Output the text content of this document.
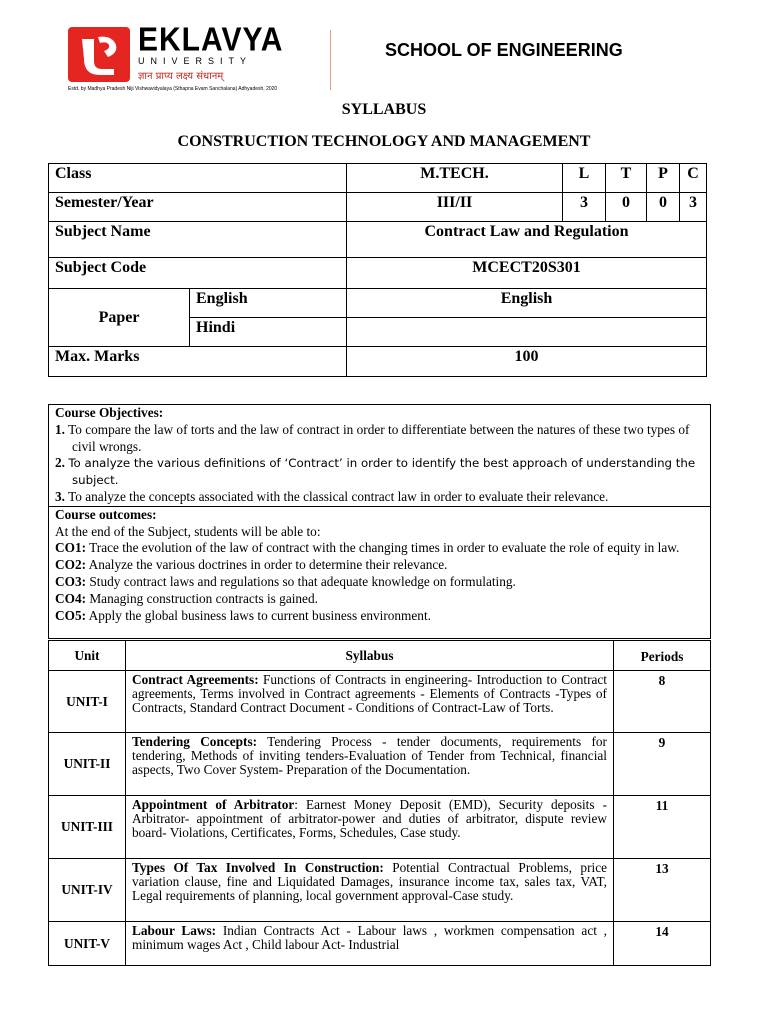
EKLAVYA
UNIVERSITY
ज्ञान प्राप्य लक्ष्य संधानम्
Estd. by Madhya Pradesh Niji Vishwavidyalaya (Sthapna Evam Sanchalana) Adhyadesh, 2020
SCHOOL OF ENGINEERING
SYLLABUS
CONSTRUCTION TECHNOLOGY AND MANAGEMENT
Class		M.TECH.	L	T	P	C
Semester/Year		III/II	3	0	0	3
Subject Name		Contract Law and Regulation				
Subject Code		MCECT20S301				
Paper	English	English				
	Hindi					
Max. Marks		100				
Course Objectives:
1. To compare the law of torts and the law of contract in order to differentiate between the natures of these two types of civil wrongs.
2. To analyze the various definitions of ‘Contract’ in order to identify the best approach of understanding the subject.
3. To analyze the concepts associated with the classical contract law in order to evaluate their relevance.
Course outcomes:
At the end of the Subject, students will be able to:
CO1: Trace the evolution of the law of contract with the changing times in order to evaluate the role of equity in law.
CO2: Analyze the various doctrines in order to determine their relevance.
CO3: Study contract laws and regulations so that adequate knowledge on formulating.
CO4: Managing construction contracts is gained.
CO5: Apply the global business laws to current business environment.
Unit	Syllabus	Periods
UNIT-I	Contract Agreements: Functions of Contracts in engineering- Introduction to Contract agreements, Terms involved in Contract agreements - Elements of Contracts -Types of Contracts, Standard Contract Document - Conditions of Contract-Law of Torts.	8
UNIT-II	Tendering Concepts: Tendering Process - tender documents, requirements for tendering, Methods of inviting tenders-Evaluation of Tender from Technical, financial aspects, Two Cover System- Preparation of the Documentation.	9
UNIT-III	Appointment of Arbitrator: Earnest Money Deposit (EMD), Security deposits - Arbitrator- appointment of arbitrator-power and duties of arbitrator, dispute review board- Violations, Certificates, Forms, Schedules, Case study.	11
UNIT-IV	Types Of Tax Involved In Construction: Potential Contractual Problems, price variation clause, fine and Liquidated Damages, insurance income tax, sales tax, VAT, Legal requirements of planning, local government approval-Case study.	13
UNIT-V	Labour Laws: Indian Contracts Act - Labour laws , workmen compensation act , minimum wages Act , Child labour Act- Industrial	14
